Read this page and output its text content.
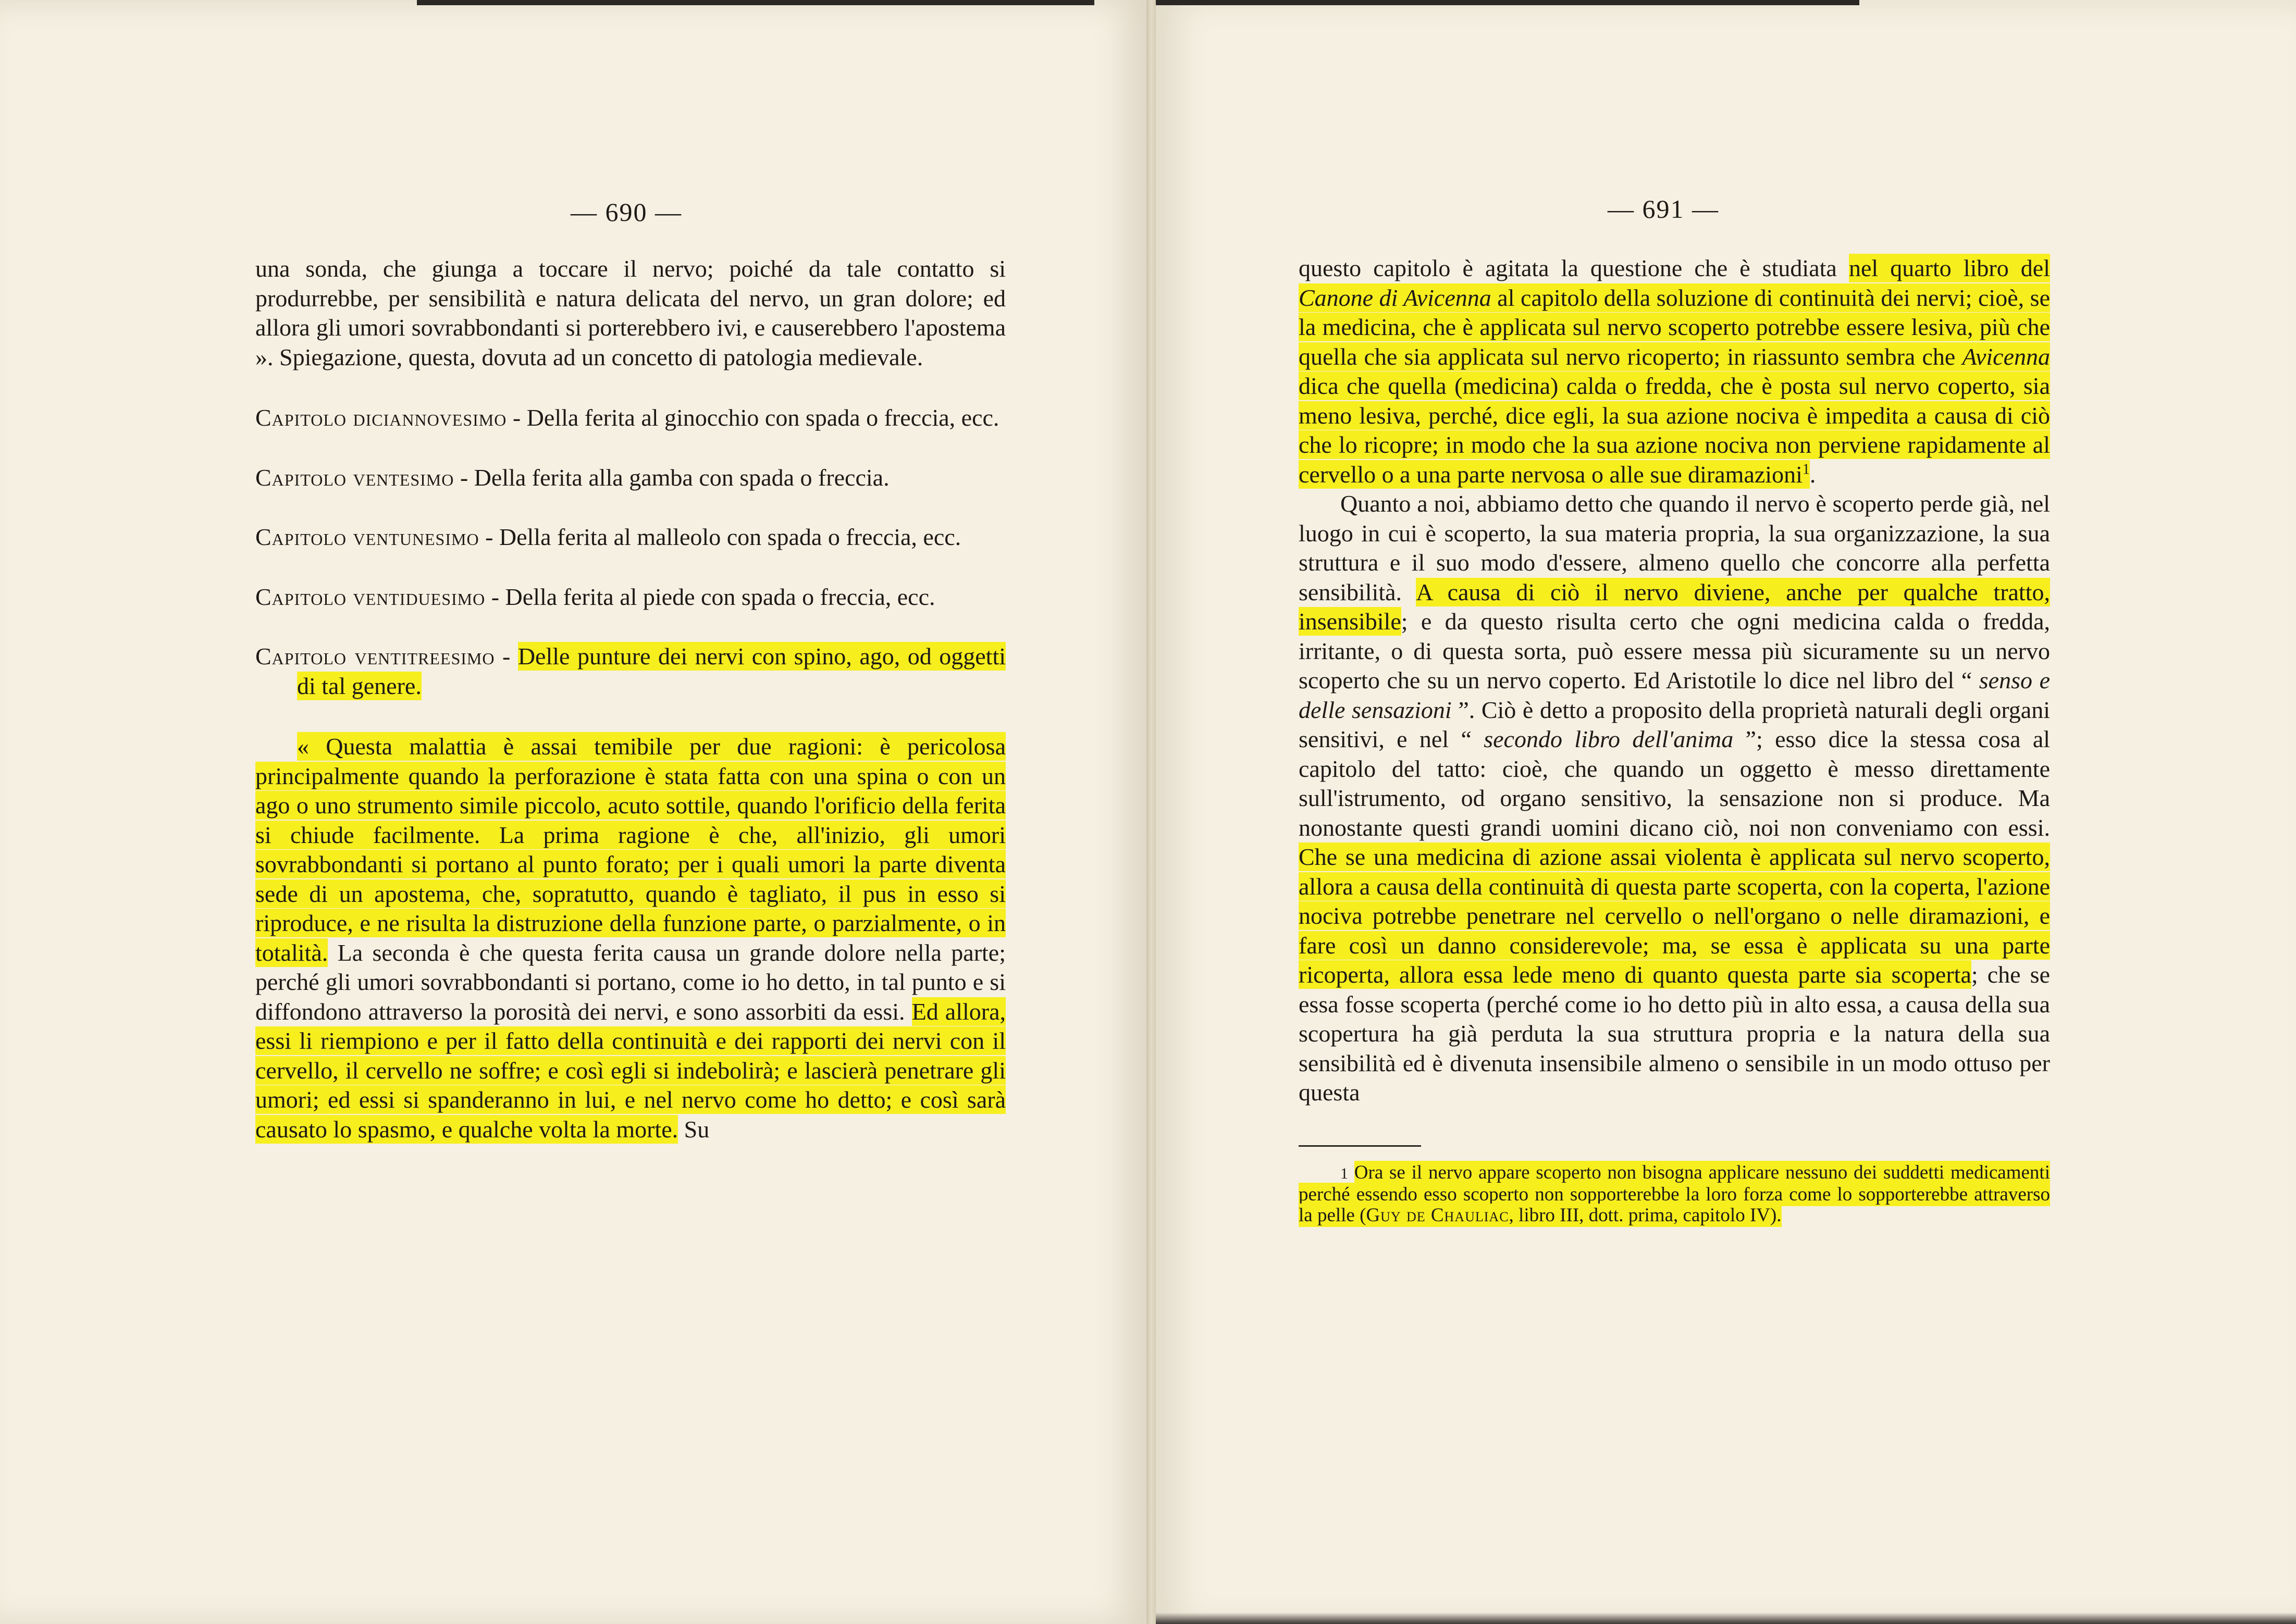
— 690 —

una sonda, che giunga a toccare il nervo; poiché da tale contatto si produrrebbe, per sensibilità e natura delicata del nervo, un gran dolore; ed allora gli umori sovrabbondanti si porterebbero ivi, e causerebbero l'apostema ». Spiegazione, questa, dovuta ad un concetto di patologia medievale.

Capitolo diciannovesimo - Della ferita al ginocchio con spada o freccia, ecc.

Capitolo ventesimo - Della ferita alla gamba con spada o freccia.

Capitolo ventunesimo - Della ferita al malleolo con spada o freccia, ecc.

Capitolo ventiduesimo - Della ferita al piede con spada o freccia, ecc.

Capitolo ventitreesimo - Delle punture dei nervi con spino, ago, od oggetti di tal genere.

« Questa malattia è assai temibile per due ragioni: è pericolosa principalmente quando la perforazione è stata fatta con una spina o con un ago o uno strumento simile piccolo, acuto sottile, quando l'orificio della ferita si chiude facilmente. La prima ragione è che, all'inizio, gli umori sovrabbondanti si portano al punto forato; per i quali umori la parte diventa sede di un apostema, che, sopratutto, quando è tagliato, il pus in esso si riproduce, e ne risulta la distruzione della funzione parte, o parzialmente, o in totalità. La seconda è che questa ferita causa un grande dolore nella parte; perché gli umori sovrabbondanti si portano, come io ho detto, in tal punto e si diffondono attraverso la porosità dei nervi, e sono assorbiti da essi. Ed allora, essi li riempiono e per il fatto della continuità e dei rapporti dei nervi con il cervello, il cervello ne soffre; e così egli si indebolirà; e lascierà penetrare gli umori; ed essi si spanderanno in lui, e nel nervo come ho detto; e così sarà causato lo spasmo, e qualche volta la morte. Su

— 691 —

questo capitolo è agitata la questione che è studiata nel quarto libro del Canone di Avicenna al capitolo della soluzione di continuità dei nervi; cioè, se la medicina, che è applicata sul nervo scoperto potrebbe essere lesiva, più che quella che sia applicata sul nervo ricoperto; in riassunto sembra che Avicenna dica che quella (medicina) calda o fredda, che è posta sul nervo coperto, sia meno lesiva, perché, dice egli, la sua azione nociva è impedita a causa di ciò che lo ricopre; in modo che la sua azione nociva non perviene rapidamente al cervello o a una parte nervosa o alle sue diramazioni$^1$.

Quanto a noi, abbiamo detto che quando il nervo è scoperto perde già, nel luogo in cui è scoperto, la sua materia propria, la sua organizzazione, la sua struttura e il suo modo d'essere, almeno quello che concorre alla perfetta sensibilità. A causa di ciò il nervo diviene, anche per qualche tratto, insensibile; e da questo risulta certo che ogni medicina calda o fredda, irritante, o di questa sorta, può essere messa più sicuramente su un nervo scoperto che su un nervo coperto. Ed Aristotile lo dice nel libro del “ senso e delle sensazioni ”. Ciò è detto a proposito della proprietà naturali degli organi sensitivi, e nel “ secondo libro dell'anima ”; esso dice la stessa cosa al capitolo del tatto: cioè, che quando un oggetto è messo direttamente sull'istrumento, od organo sensitivo, la sensazione non si produce. Ma nonostante questi grandi uomini dicano ciò, noi non conveniamo con essi. Che se una medicina di azione assai violenta è applicata sul nervo scoperto, allora a causa della continuità di questa parte scoperta, con la coperta, l'azione nociva potrebbe penetrare nel cervello o nell'organo o nelle diramazioni, e fare così un danno considerevole; ma, se essa è applicata su una parte ricoperta, allora essa lede meno di quanto questa parte sia scoperta; che se essa fosse scoperta (perché come io ho detto più in alto essa, a causa della sua scopertura ha già perduta la sua struttura propria e la natura della sua sensibilità ed è divenuta insensibile almeno o sensibile in un modo ottuso per questa

1 Ora se il nervo appare scoperto non bisogna applicare nessuno dei suddetti medicamenti perché essendo esso scoperto non sopporterebbe la loro forza come lo sopporterebbe attraverso la pelle (Guy de Chauliac, libro III, dott. prima, capitolo IV).
